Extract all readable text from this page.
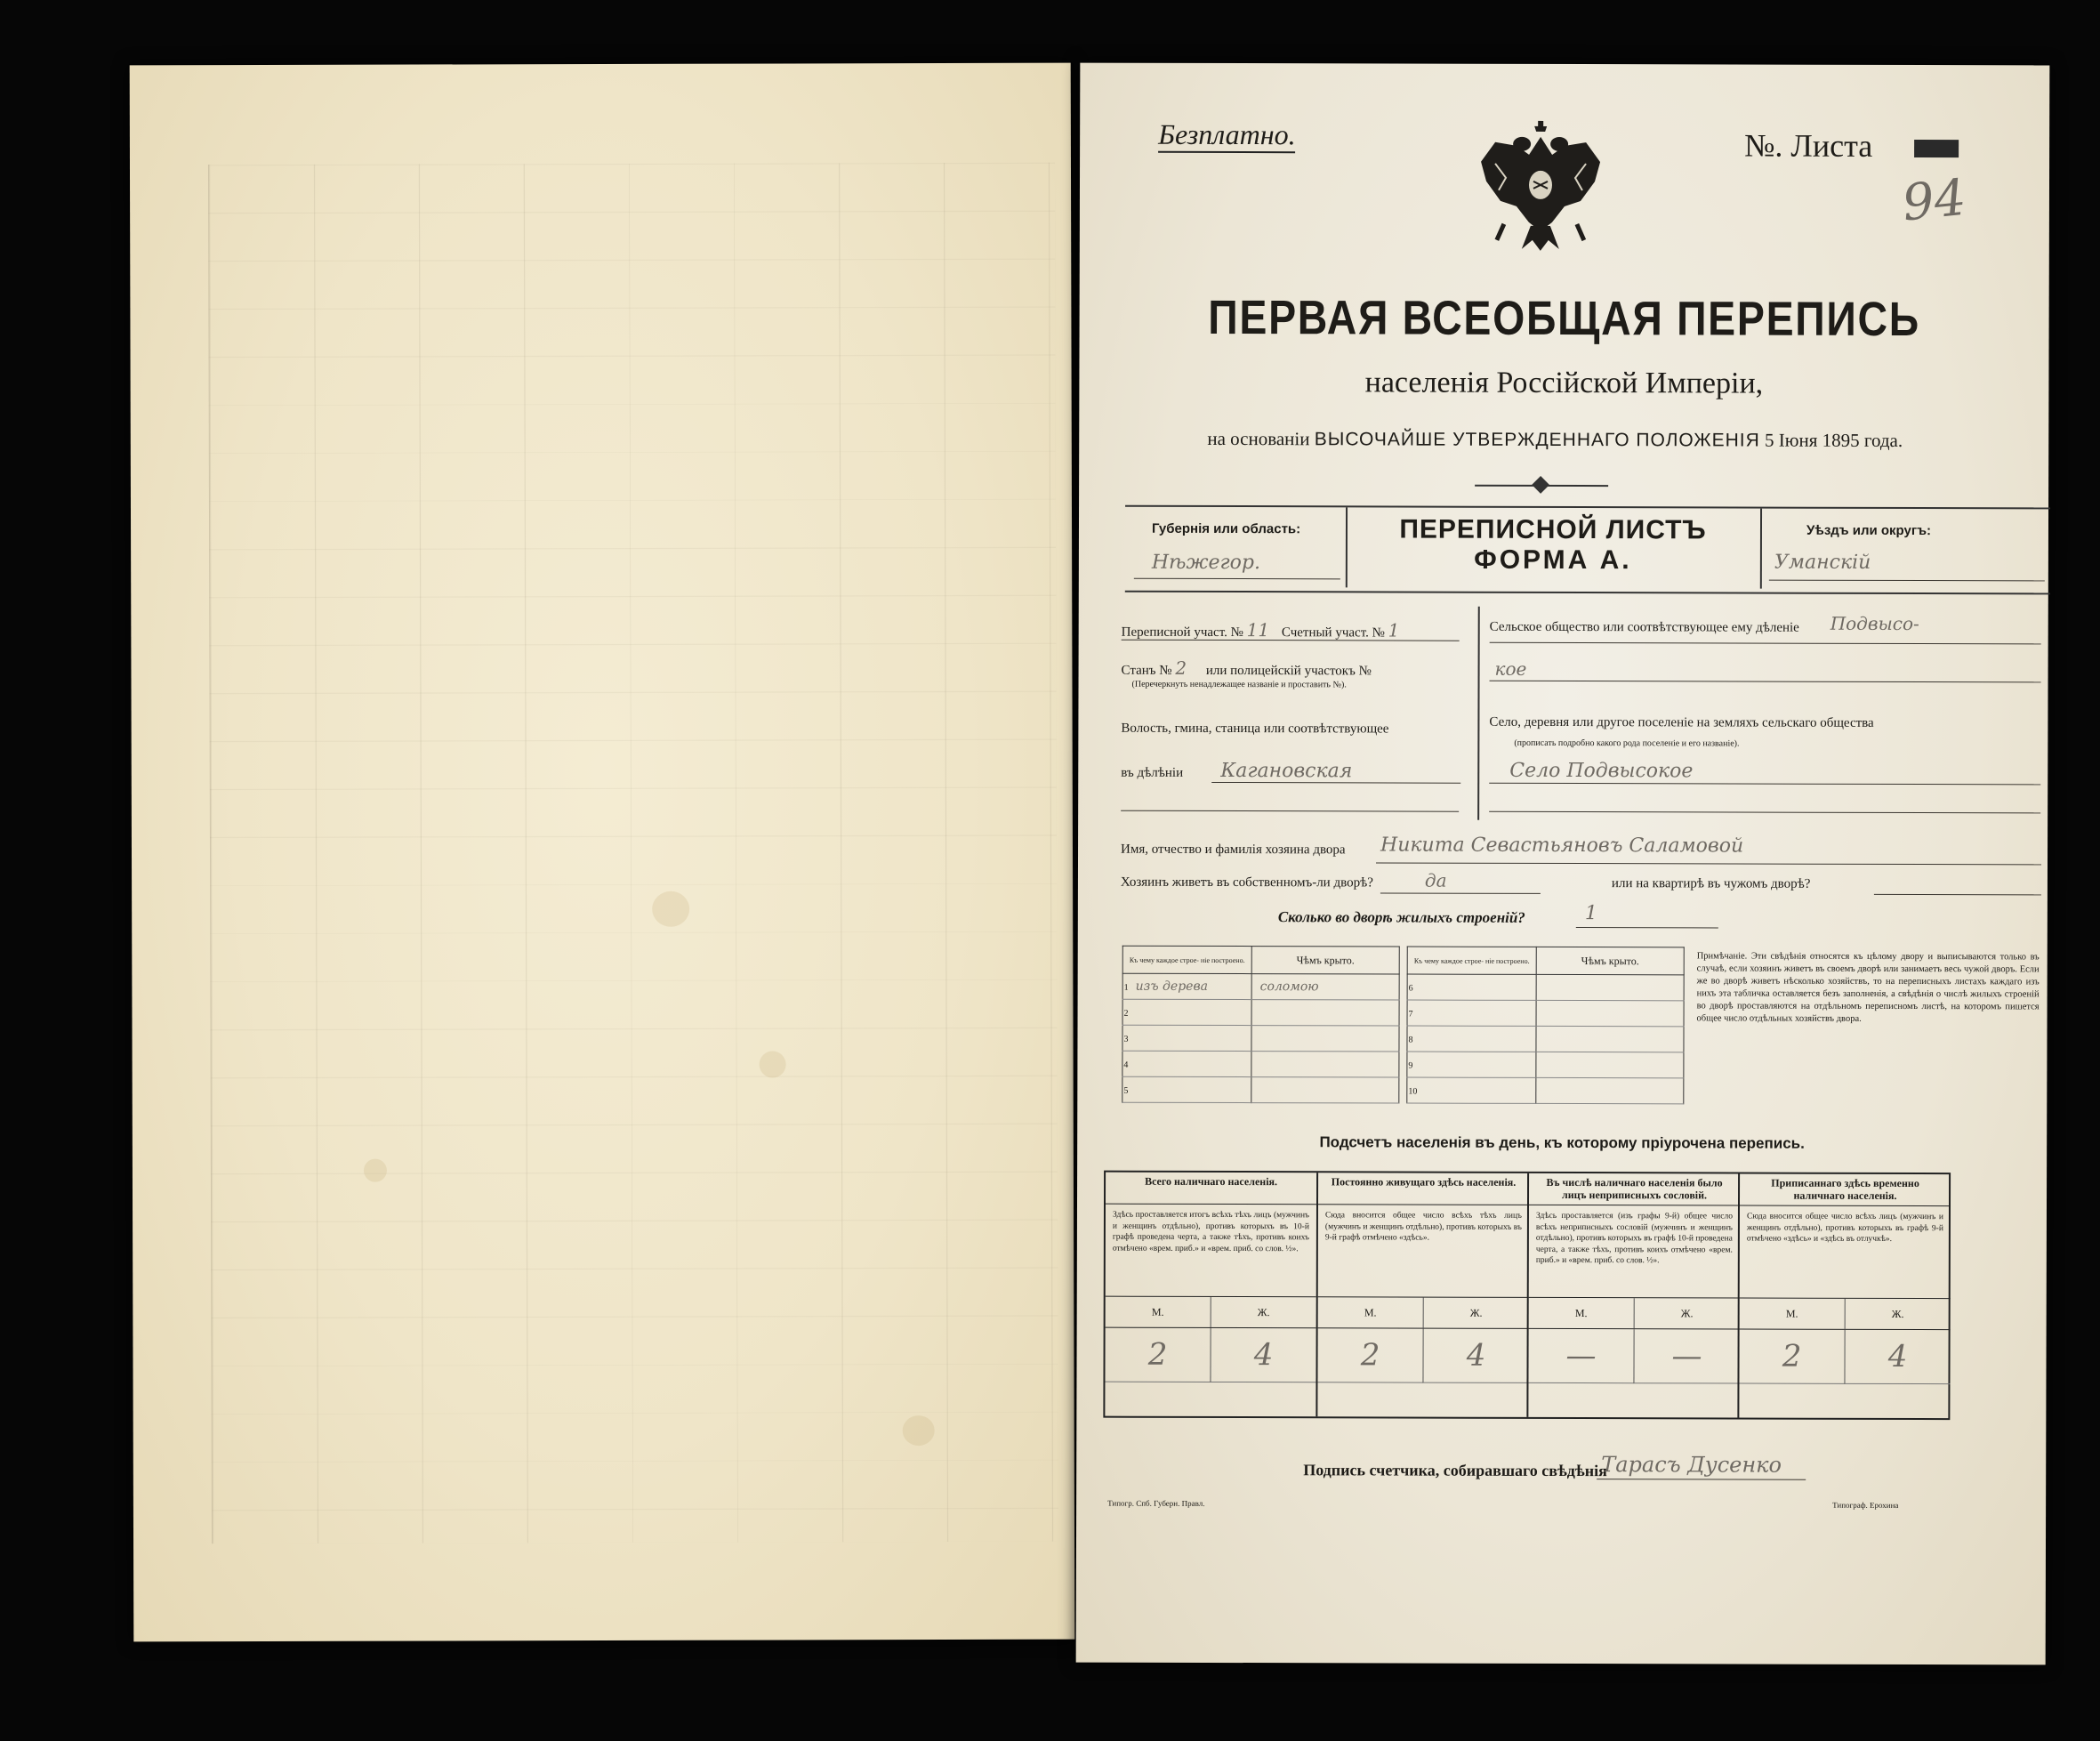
Безплатно.	№. Листа
94
ПЕРВАЯ ВСЕОБЩАЯ ПЕРЕПИСЬ
населенія Россійской Имперіи,
на основаніи ВЫСОЧАЙШЕ УТВЕРЖДЕННАГО ПОЛОЖЕНІЯ 5 Іюня 1895 года.
Губернія или область:
Нѣжегор.
ПЕРЕПИСНОЙ ЛИСТЪ
ФОРМА А.
Уѣздъ или округъ:
Уманскій
Переписной участ. № 11 Счетный участ. № 1
Станъ № 2 или полицейскій участокъ №
(Перечеркнуть ненадлежащее названіе и проставить №).
Волость, гмина, станица или соотвѣтствующее
въ дѣлѣніи Кагановская
Сельское общество или соотвѣтствующее ему дѣленіе Подвысо-
кое
Село, деревня или другое поселеніе на земляхъ сельскаго общества
(прописать подробно какого рода поселеніе и его названіе).
Село Подвысокое
Имя, отчество и фамилія хозяина двора Никита Севастьяновъ Саламовой
Хозяинъ живетъ въ собственномъ-ли дворѣ?	да	или на квартирѣ въ чужомъ дворѣ?
Сколько во дворѣ жилыхъ строеній?	1
Къ чему каждое строе- ніе построено.	Чѣмъ крыто.
1 изъ дерева	соломою
2	
3	
4	
5	
Къ чему каждое строе- ніе построено.	Чѣмъ крыто.
6	
7	
8	
9	
10	
Примѣчаніе. Эти свѣдѣнія относятся къ цѣлому двору и выписываются только въ случаѣ, если хозяинъ живетъ въ своемъ дворѣ или занимаетъ весь чужой дворъ. Если же во дворѣ живетъ нѣсколько хозяйствъ, то на переписныхъ листахъ каждаго изъ нихъ эта табличка оставляется безъ заполненія, а свѣдѣнія о числѣ жилыхъ строеній во дворѣ проставляются на отдѣльномъ переписномъ листѣ, на которомъ пишется общее число отдѣльных хозяйствъ двора.
Подсчетъ населенія въ день, къ которому пріурочена перепись.
Всего наличнаго населенія.
Здѣсь проставляется итогъ всѣхъ тѣхъ лицъ (мужчинъ и женщинъ отдѣльно), противъ которыхъ въ 10-й графѣ проведена черта, а также тѣхъ, противъ коихъ отмѣчено «врем. приб.» и «врем. приб. со слов. ½».
М.	Ж.
2	4
Постоянно живущаго здѣсь населенія.
Сюда вносится общее число всѣхъ тѣхъ лицъ (мужчинъ и женщинъ отдѣльно), противъ которыхъ въ 9-й графѣ отмѣчено «здѣсь».
М.	Ж.
2	4
Въ числѣ наличнаго населенія было лицъ неприписныхъ сословій.
Здѣсь проставляется (изъ графы 9-й) общее число всѣхъ неприписныхъ сословій (мужчинъ и женщинъ отдѣльно), противъ которыхъ въ графѣ 10-й проведена черта, а также тѣхъ, противъ коихъ отмѣчено «врем. приб.» и «врем. приб. со слов. ½».
М.	Ж.
—	—
Приписаннаго здѣсь временно наличнаго населенія.
Сюда вносится общее число всѣхъ лицъ (мужчинъ и женщинъ отдѣльно), противъ которыхъ въ графѣ 9-й отмѣчено «здѣсь» и «здѣсь въ отлучкѣ».
М.	Ж.
2	4
Подпись счетчика, собиравшаго свѣдѣнія
Тарасъ Дусенко
Типогр. Спб. Губерн. Правл.	Типограф. Ерохина
